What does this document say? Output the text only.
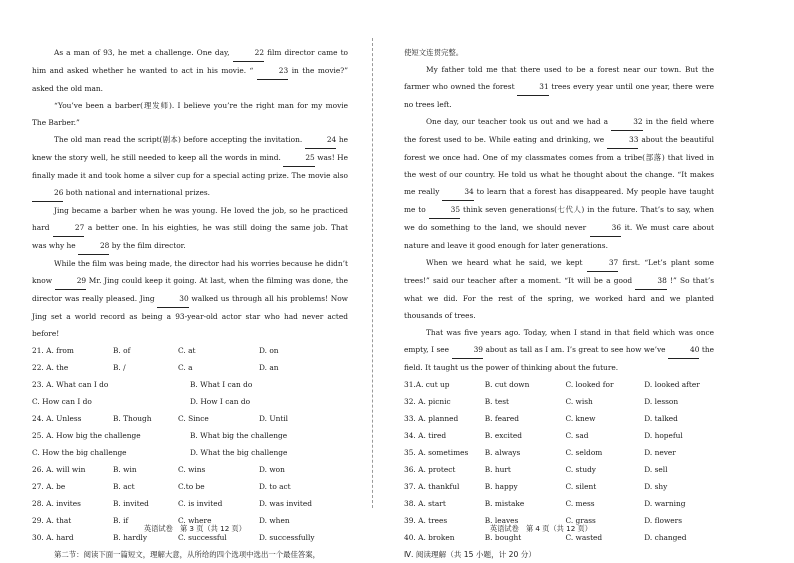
As a man of 93, he met a challenge. One day,	22 film director came to him and asked whether he wanted to act in his movie. “	23 in the movie?” asked the old man.

“You’ve been a barber(理发师). I believe you’re the right man for my movie The Barber.”

The old man read the script(剧本) before accepting the invitation.	24 he knew the story well, he still needed to keep all the words in mind.	25 was! He finally made it and took home a silver cup for a special acting prize. The movie also 26 both national and international prizes.

Jing became a barber when he was young. He loved the job, so he practiced hard	27 a better one. In his eighties, he was still doing the same job. That was why he	28 by the film director.

While the film was being made, the director had his worries because he didn’t know	29 Mr. Jing could keep it going. At last, when the filming was done, the director was really pleased. Jing	30 walked us through all his problems! Now Jing set a world record as being a 93-year-old actor star who had never acted before!

21. A. from	B. of	C. at	D. on
22. A. the	B. /	C. a	D. an
23. A. What can I do	B. What I can do
C. How can I do	D. How I can do
24. A. Unless	B. Though	C. Since	D. Until
25. A. How big the challenge	B. What big the challenge
C. How the big challenge	D. What the big challenge
26. A. will win	B. win	C. wins	D. won
27. A. be	B. act	C.to be	D. to act
28. A. invites	B. invited	C. is invited	D. was invited
29. A. that	B. if	C. where	D. when
30. A. hard	B. hardly	C. successful	D. successfully

第二节：阅读下面一篇短文，理解大意，从所给的四个选项中选出一个最佳答案，

使短文连贯完整。

My father told me that there used to be a forest near our town. But the farmer who owned the forest	31 trees every year until one year, there were no trees left.

One day, our teacher took us out and we had a	32 in the field where the forest used to be. While eating and drinking, we	33 about the beautiful forest we once had. One of my classmates comes from a tribe(部落) that lived in the west of our country. He told us what he thought about the change. “It makes me really	34 to learn that a forest has disappeared. My people have taught me to	35 think seven generations(七代人) in the future. That’s to say, when we do something to the land, we should never	36 it. We must care about nature and leave it good enough for later generations.

When we heard what he said, we kept	37 first. “Let’s plant some trees!” said our teacher after a moment. “It will be a good	38 !” So that’s what we did. For the rest of the spring, we worked hard and we planted thousands of trees.

That was five years ago. Today, when I stand in that field which was once empty, I see	39 about as tall as I am. I’s great to see how we’ve	40 the field. It taught us the power of thinking about the future.

31.A. cut up	B. cut down	C. looked for	D. looked after
32. A. picnic	B. test	C. wish	D. lesson
33. A. planned	B. feared	C. knew	D. talked
34. A. tired	B. excited	C. sad	D. hopeful
35. A. sometimes	B. always	C. seldom	D. never
36. A. protect	B. hurt	C. study	D. sell
37. A. thankful	B. happy	C. silent	D. shy
38. A. start	B. mistake	C. mess	D. warning
39. A. trees	B. leaves	C. grass	D. flowers
40. A. broken	B. bought	C. wasted	D. changed

Ⅳ. 阅读理解（共 15 小题，计 20 分）

英语试卷　第 3 页（共 12 页）	英语试卷　第 4 页（共 12 页）
